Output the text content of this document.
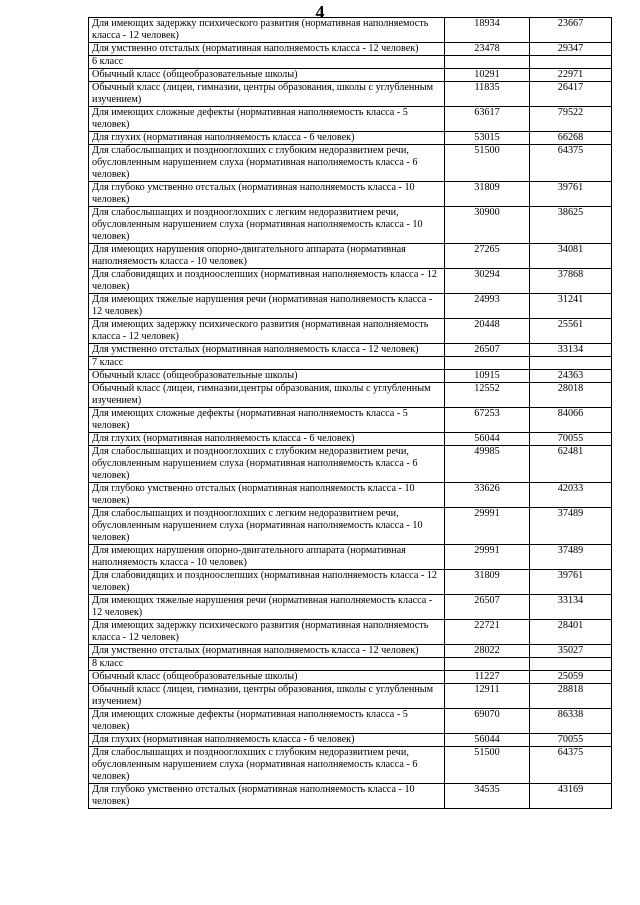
4
Для имеющих задержку психического развития (нормативная наполняемость класса - 12 человек)	18934	23667
Для умственно отсталых (нормативная наполняемость класса - 12 человек)	23478	29347
6 класс		
Обычный класс (общеобразовательные школы)	10291	22971
Обычный класс (лицеи, гимназии, центры образования, школы с углубленным изучением)	11835	26417
Для имеющих сложные дефекты (нормативная наполняемость класса - 5 человек)	63617	79522
Для глухих (нормативная наполняемость класса - 6 человек)	53015	66268
Для слабослышащих и позднооглохших с глубоким недоразвитием речи, обусловленным нарушением слуха (нормативная наполняемость класса - 6 человек)	51500	64375
Для глубоко умственно отсталых (нормативная наполняемость класса - 10 человек)	31809	39761
Для слабослышащих и позднооглохших с легким недоразвитием речи, обусловленным нарушением слуха (нормативная наполняемость класса - 10 человек)	30900	38625
Для имеющих нарушения опорно-двигательного аппарата (нормативная наполняемость класса - 10 человек)	27265	34081
Для слабовидящих и поздноослепших (нормативная наполняемость класса - 12 человек)	30294	37868
Для имеющих тяжелые нарушения речи (нормативная наполняемость класса - 12 человек)	24993	31241
Для имеющих задержку психического развития (нормативная наполняемость класса - 12 человек)	20448	25561
Для умственно отсталых (нормативная наполняемость класса - 12 человек)	26507	33134
7 класс		
Обычный класс (общеобразовательные школы)	10915	24363
Обычный класс (лицеи, гимназии,центры образования, школы с углубленным изучением)	12552	28018
Для имеющих сложные дефекты (нормативная наполняемость класса - 5 человек)	67253	84066
Для глухих (нормативная наполняемость класса - 6 человек)	56044	70055
Для слабослышащих и позднооглохших с глубоким недоразвитием речи, обусловленным нарушением слуха (нормативная наполняемость класса - 6 человек)	49985	62481
Для глубоко умственно отсталых (нормативная наполняемость класса - 10 человек)	33626	42033
Для слабослышащих и позднооглохших с легким недоразвитием речи, обусловленным нарушением слуха (нормативная наполняемость класса - 10 человек)	29991	37489
Для имеющих нарушения опорно-двигательного аппарата (нормативная наполняемость класса - 10 человек)	29991	37489
Для слабовидящих и поздноослепших (нормативная наполняемость класса - 12 человек)	31809	39761
Для имеющих тяжелые нарушения речи (нормативная наполняемость класса - 12 человек)	26507	33134
Для имеющих задержку психического развития (нормативная наполняемость класса - 12 человек)	22721	28401
Для умственно отсталых (нормативная наполняемость класса - 12 человек)	28022	35027
8 класс		
Обычный класс (общеобразовательные школы)	11227	25059
Обычный класс (лицеи, гимназии, центры образования, школы с углубленным изучением)	12911	28818
Для имеющих сложные дефекты (нормативная наполняемость класса - 5 человек)	69070	86338
Для глухих (нормативная наполняемость класса - 6 человек)	56044	70055
Для слабослышащих и позднооглохших с глубоким недоразвитием речи, обусловленным нарушением слуха (нормативная наполняемость класса - 6 человек)	51500	64375
Для глубоко умственно отсталых (нормативная наполняемость класса - 10 человек)	34535	43169
